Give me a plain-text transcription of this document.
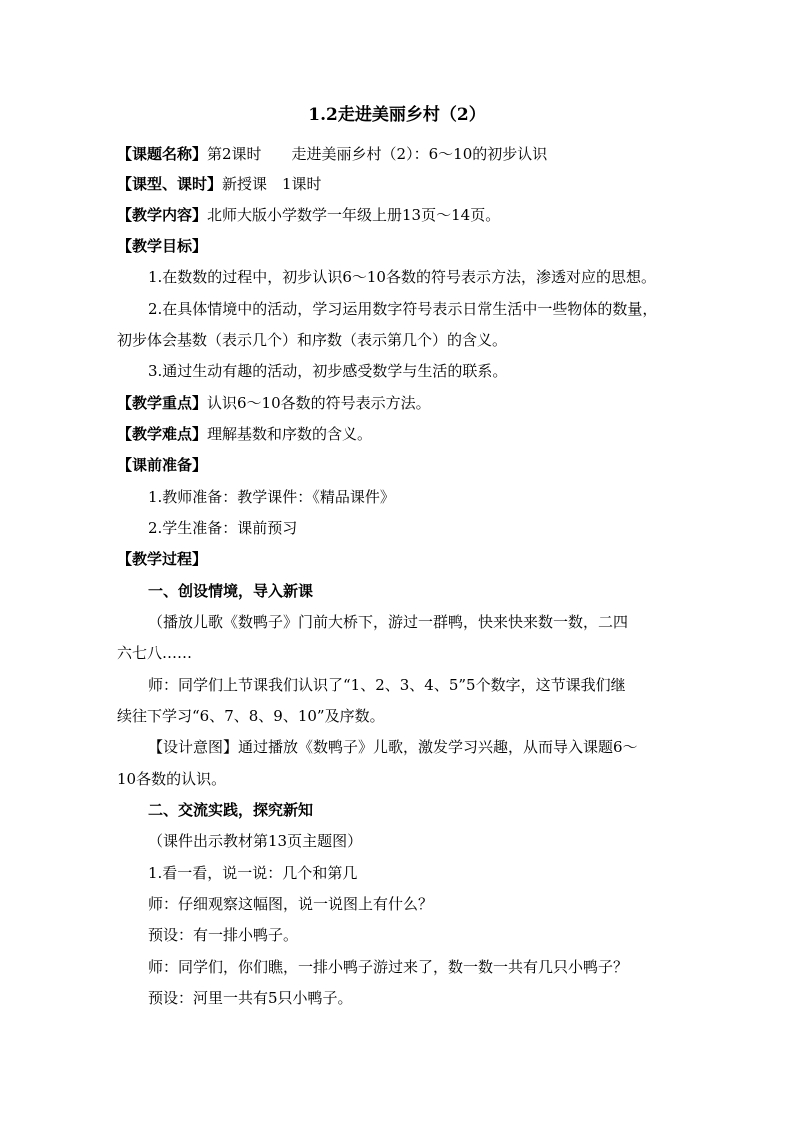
1.2走进美丽乡村（2）
【课题名称】第2课时　　走进美丽乡村（2）：6～10的初步认识
【课型、课时】新授课　1课时
【教学内容】北师大版小学数学一年级上册13页～14页。
【教学目标】
1.在数数的过程中，初步认识6～10各数的符号表示方法，渗透对应的思想。
2.在具体情境中的活动，学习运用数字符号表示日常生活中一些物体的数量，
初步体会基数（表示几个）和序数（表示第几个）的含义。
3.通过生动有趣的活动，初步感受数学与生活的联系。
【教学重点】认识6～10各数的符号表示方法。
【教学难点】理解基数和序数的含义。
【课前准备】
1.教师准备：教学课件：《精品课件》
2.学生准备：课前预习
【教学过程】
一、创设情境，导入新课
（播放儿歌《数鸭子》门前大桥下，游过一群鸭，快来快来数一数，二四
六七八……
师：同学们上节课我们认识了“1、2、3、4、5”5个数字，这节课我们继
续往下学习“6、7、8、9、10”及序数。
【设计意图】通过播放《数鸭子》儿歌，激发学习兴趣，从而导入课题6～
10各数的认识。
二、交流实践，探究新知
（课件出示教材第13页主题图）
1.看一看，说一说：几个和第几
师：仔细观察这幅图，说一说图上有什么？
预设：有一排小鸭子。
师：同学们，你们瞧，一排小鸭子游过来了，数一数一共有几只小鸭子？
预设：河里一共有5只小鸭子。
